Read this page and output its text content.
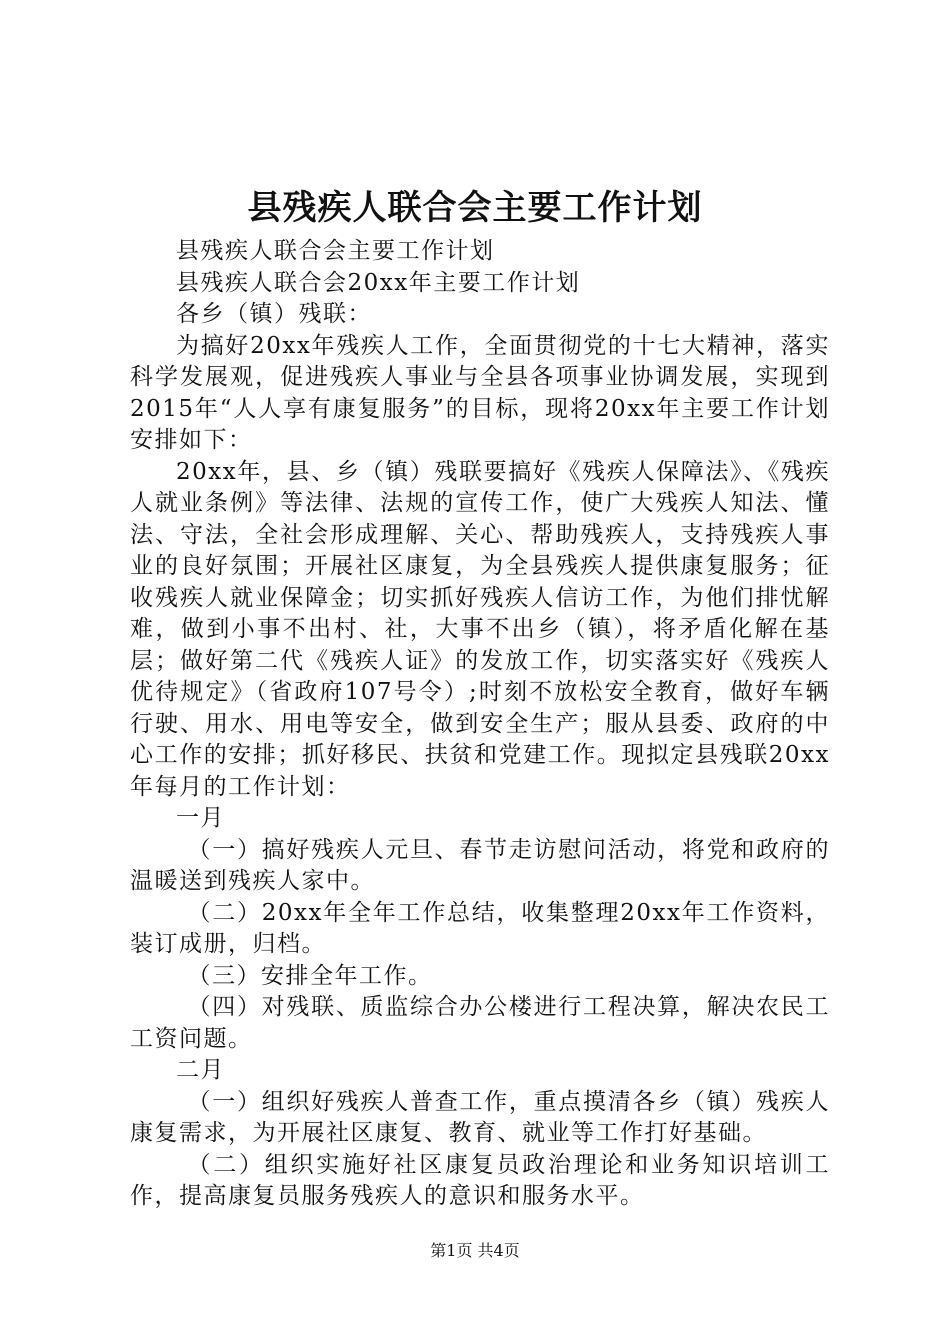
县残疾人联合会主要工作计划

县残疾人联合会主要工作计划

县残疾人联合会20xx年主要工作计划

各乡（镇）残联：

为搞好20xx年残疾人工作，全面贯彻党的十七大精神，落实科学发展观，促进残疾人事业与全县各项事业协调发展，实现到2015年“人人享有康复服务”的目标，现将20xx年主要工作计划安排如下：

20xx年，县、乡（镇）残联要搞好《残疾人保障法》、《残疾人就业条例》等法律、法规的宣传工作，使广大残疾人知法、懂法、守法，全社会形成理解、关心、帮助残疾人，支持残疾人事业的良好氛围；开展社区康复，为全县残疾人提供康复服务；征收残疾人就业保障金；切实抓好残疾人信访工作，为他们排忧解难，做到小事不出村、社，大事不出乡（镇），将矛盾化解在基层；做好第二代《残疾人证》的发放工作，切实落实好《残疾人优待规定》（省政府107号令）;时刻不放松安全教育，做好车辆行驶、用水、用电等安全，做到安全生产；服从县委、政府的中心工作的安排；抓好移民、扶贫和党建工作。现拟定县残联20xx年每月的工作计划：

一月

（一）搞好残疾人元旦、春节走访慰问活动，将党和政府的温暖送到残疾人家中。

（二）20xx年全年工作总结，收集整理20xx年工作资料，装订成册，归档。

（三）安排全年工作。

（四）对残联、质监综合办公楼进行工程决算，解决农民工工资问题。

二月

（一）组织好残疾人普查工作，重点摸清各乡（镇）残疾人康复需求，为开展社区康复、教育、就业等工作打好基础。

（二）组织实施好社区康复员政治理论和业务知识培训工作，提高康复员服务残疾人的意识和服务水平。

第1页 共4页
